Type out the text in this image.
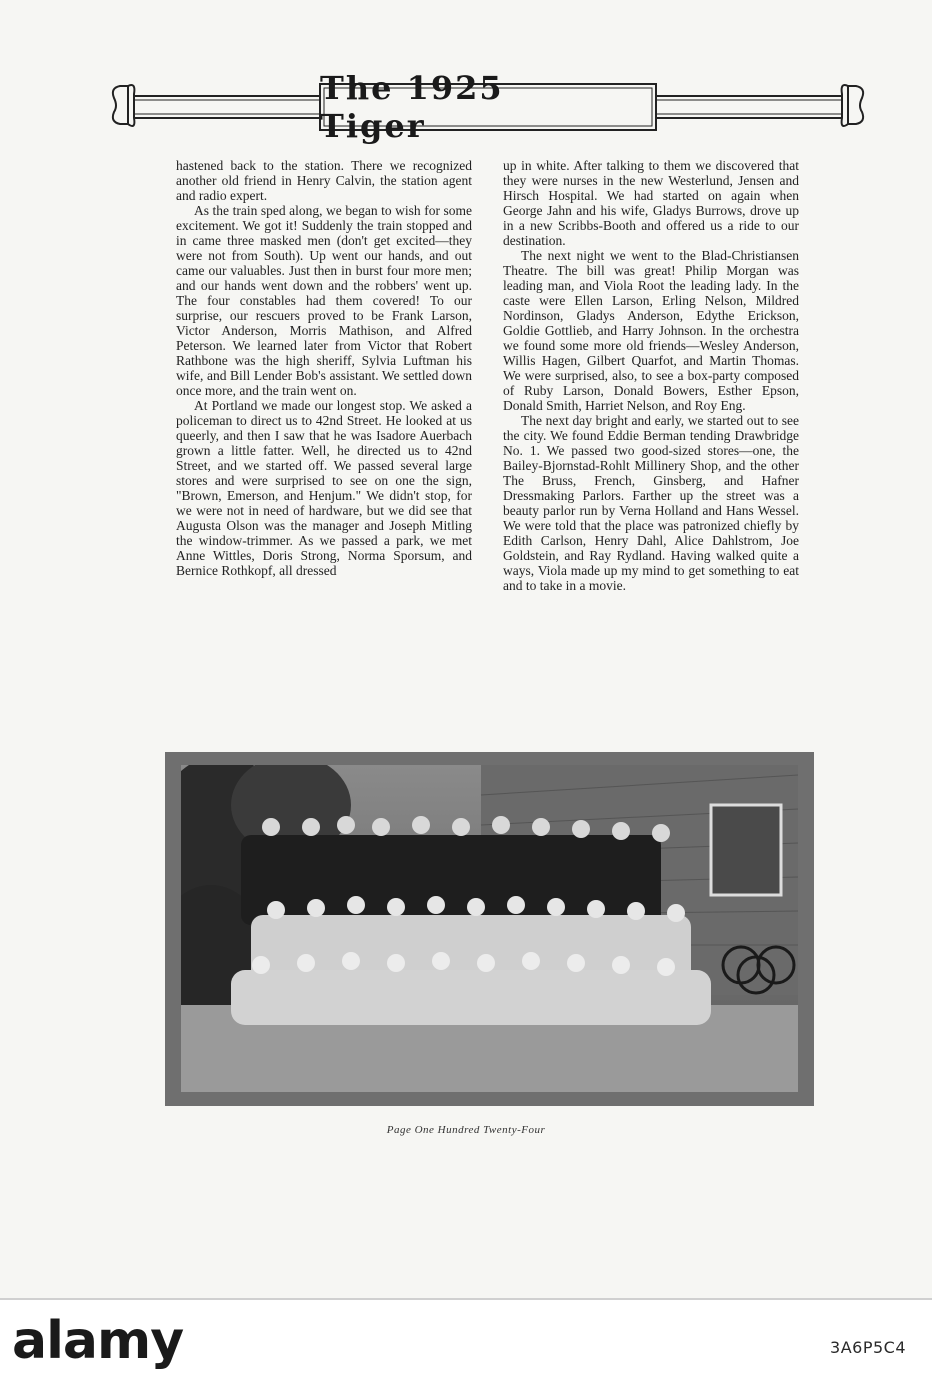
The 1925 Tiger

hastened back to the station. There we recognized another old friend in Henry Calvin, the station agent and radio expert.

As the train sped along, we began to wish for some excitement. We got it! Suddenly the train stopped and in came three masked men (don't get excited—they were not from South). Up went our hands, and out came our valuables. Just then in burst four more men; and our hands went down and the robbers' went up. The four constables had them covered! To our surprise, our rescuers proved to be Frank Larson, Victor Anderson, Morris Mathison, and Alfred Peterson. We learned later from Victor that Robert Rathbone was the high sheriff, Sylvia Luftman his wife, and Bill Lender Bob's assistant. We settled down once more, and the train went on.

At Portland we made our longest stop. We asked a policeman to direct us to 42nd Street. He looked at us queerly, and then I saw that he was Isadore Auerbach grown a little fatter. Well, he directed us to 42nd Street, and we started off. We passed several large stores and were surprised to see on one the sign, "Brown, Emerson, and Henjum." We didn't stop, for we were not in need of hardware, but we did see that Augusta Olson was the manager and Joseph Mitling the window-trimmer. As we passed a park, we met Anne Wittles, Doris Strong, Norma Sporsum, and Bernice Rothkopf, all dressed

up in white. After talking to them we discovered that they were nurses in the new Westerlund, Jensen and Hirsch Hospital. We had started on again when George Jahn and his wife, Gladys Burrows, drove up in a new Scribbs-Booth and offered us a ride to our destination.

The next night we went to the Blad-Christiansen Theatre. The bill was great! Philip Morgan was leading man, and Viola Root the leading lady. In the caste were Ellen Larson, Erling Nelson, Mildred Nordinson, Gladys Anderson, Edythe Erickson, Goldie Gottlieb, and Harry Johnson. In the orchestra we found some more old friends—Wesley Anderson, Willis Hagen, Gilbert Quarfot, and Martin Thomas. We were surprised, also, to see a box-party composed of Ruby Larson, Donald Bowers, Esther Epson, Donald Smith, Harriet Nelson, and Roy Eng.

The next day bright and early, we started out to see the city. We found Eddie Berman tending Drawbridge No. 1. We passed two good-sized stores—one, the Bailey-Bjornstad-Rohlt Millinery Shop, and the other The Bruss, French, Ginsberg, and Hafner Dressmaking Parlors. Farther up the street was a beauty parlor run by Verna Holland and Hans Wessel. We were told that the place was patronized chiefly by Edith Carlson, Henry Dahl, Alice Dahlstrom, Joe Goldstein, and Ray Rydland. Having walked quite a ways, Viola made up my mind to get something to eat and to take in a movie.

Page One Hundred Twenty-Four
alamy	3A6P5C4
